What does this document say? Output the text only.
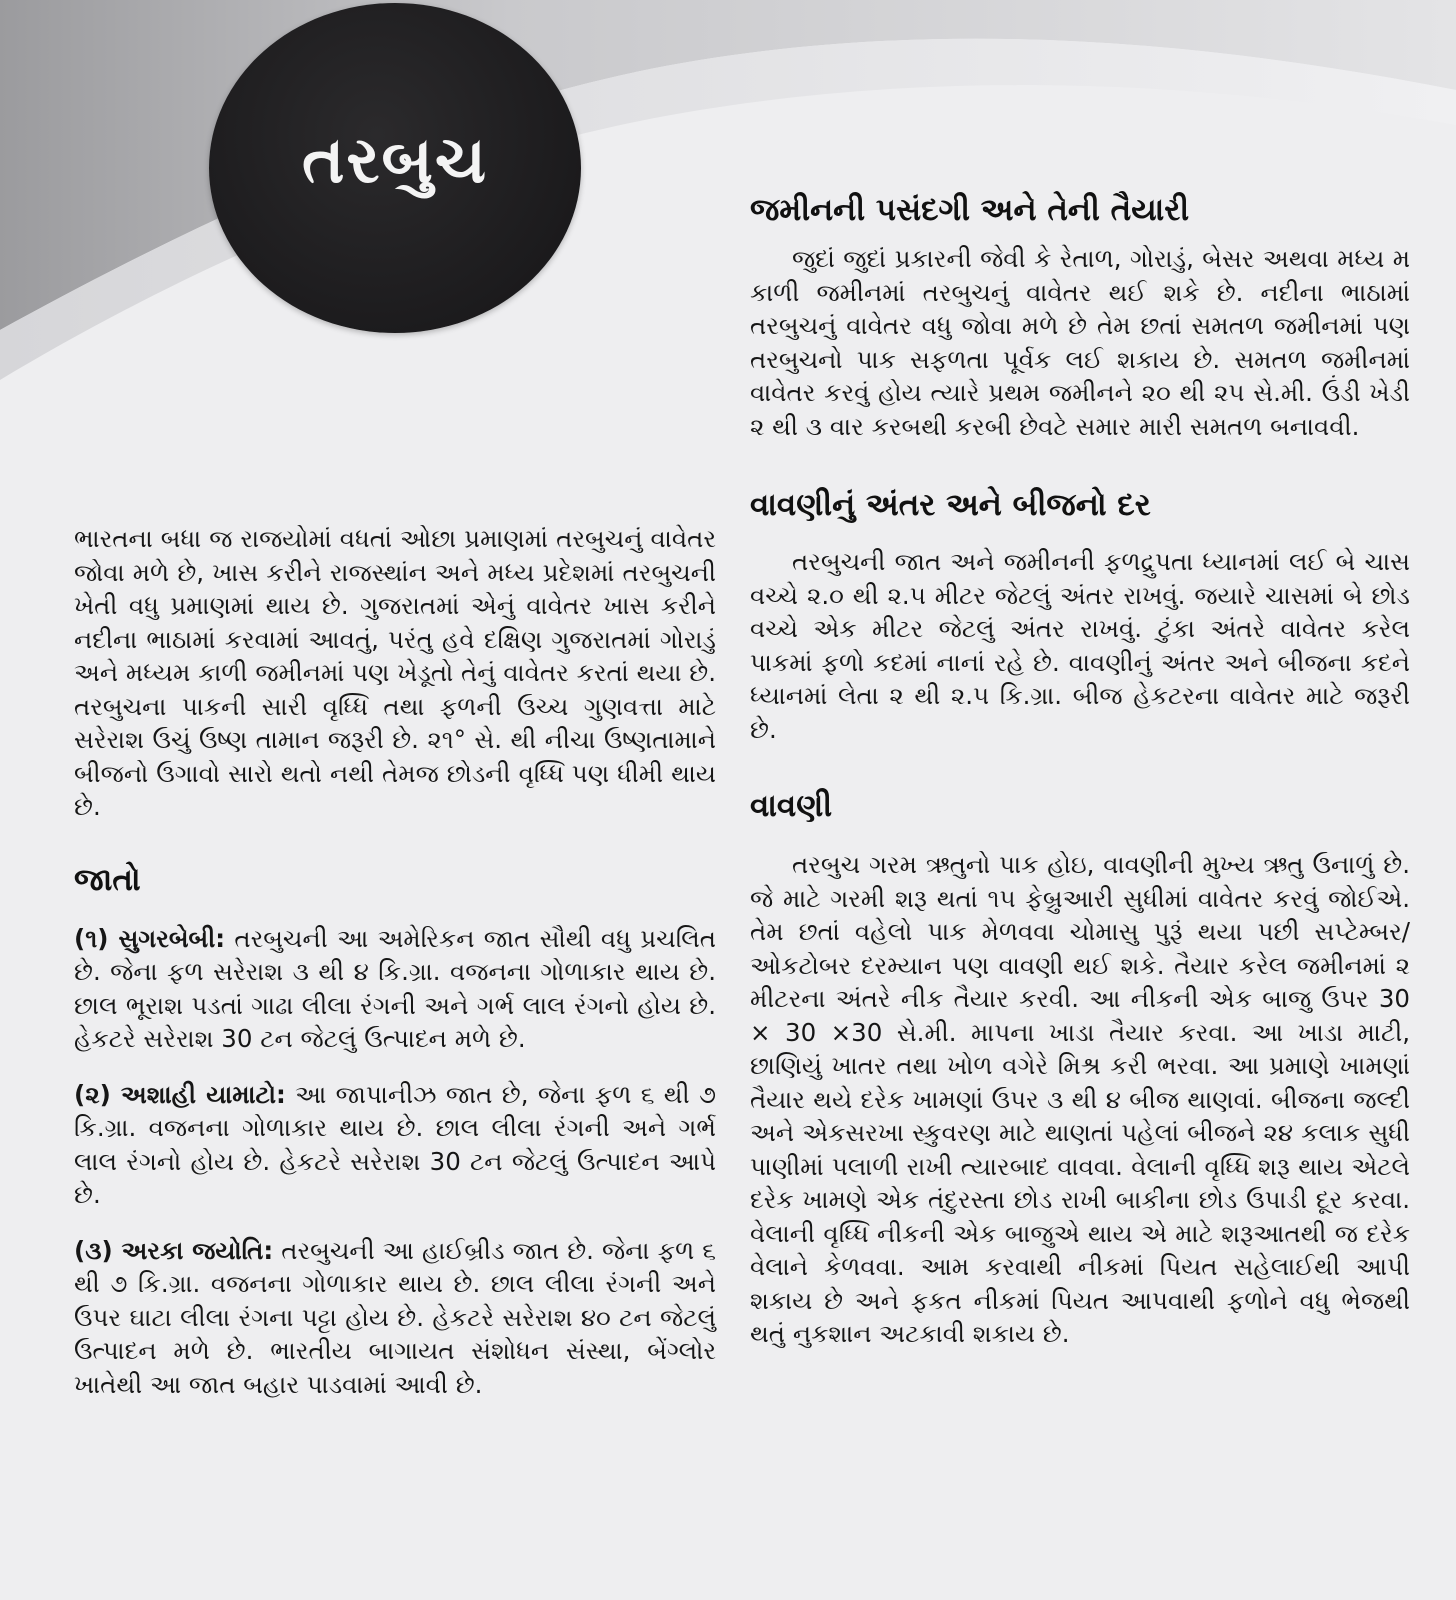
તરબુચ

ભારતના બધા જ રાજયોમાં વધતાં ઓછા પ્રમાણમાં તરબુચનું વાવેતર જોવા મળે છે, ખાસ કરીને રાજસ્થાંન અને મધ્ય પ્રદેશમાં તરબુચની ખેતી વધુ પ્રમાણમાં થાય છે. ગુજરાતમાં એનું વાવેતર ખાસ કરીને નદીના ભાઠામાં કરવામાં આવતું, પરંતુ હવે દક્ષિણ ગુજરાતમાં ગોરાડું અને મધ્યમ કાળી જમીનમાં પણ ખેડૂતો તેનું વાવેતર કરતાં થયા છે. તરબુચના પાકની સારી વૃધ્ધિ તથા ફળની ઉચ્ચ ગુણવત્તા માટે સરેરાશ ઉચું ઉષ્ણ તામાન જરૂરી છે. ૨૧° સે. થી નીચા ઉષ્ણતામાને બીજનો ઉગાવો સારો થતો નથી તેમજ છોડની વૃધ્ધિ પણ ધીમી થાય છે.

જાતો

(૧) સુગરબેબી: તરબુચની આ અમેરિકન જાત સૌથી વધુ પ્રચલિત છે. જેના ફળ સરેરાશ ૩ થી ૪ કિ.ગ્રા. વજનના ગોળાકાર થાય છે. છાલ ભૂરાશ પડતાં ગાઢા લીલા રંગની અને ગર્ભ લાલ રંગનો હોય છે. હેકટરે સરેરાશ 30 ટન જેટલું ઉત્પાદન મળે છે.

(૨) અશાહી યામાટો: આ જાપાનીઝ જાત છે, જેના ફળ ૬ થી ૭ કિ.ગ્રા. વજનના ગોળાકાર થાય છે. છાલ લીલા રંગની અને ગર્ભ લાલ રંગનો હોય છે. હેકટરે સરેરાશ 30 ટન જેટલું ઉત્પાદન આપે છે.

(૩) અરકા જયોતિ: તરબુચની આ હાઈબ્રીડ જાત છે. જેના ફળ ૬ થી ૭ કિ.ગ્રા. વજનના ગોળાકાર થાય છે. છાલ લીલા રંગની અને ઉપર ઘાટા લીલા રંગના પટ્ટા હોય છે. હેકટરે સરેરાશ ૪૦ ટન જેટલું ઉત્પાદન મળે છે. ભારતીય બાગાયત સંશોધન સંસ્થા, બેંગ્લોર ખાતેથી આ જાત બહાર પાડવામાં આવી છે.

જમીનની પસંદગી અને તેની તૈયારી

જુદાં જુદાં પ્રકારની જેવી કે રેતાળ, ગોરાડું, બેસર અથવા મધ્ય મ કાળી જમીનમાં તરબુચનું વાવેતર થઈ શકે છે. નદીના ભાઠામાં તરબુચનું વાવેતર વધુ જોવા મળે છે તેમ છતાં સમતળ જમીનમાં પણ તરબુચનો પાક સફળતા પૂર્વક લઈ શકાય છે. સમતળ જમીનમાં વાવેતર કરવું હોય ત્યારે પ્રથમ જમીનને ૨૦ થી ૨૫ સે.મી. ઉંડી ખેડી ૨ થી ૩ વાર કરબથી કરબી છેવટે સમાર મારી સમતળ બનાવવી.

વાવણીનું અંતર અને બીજનો દર

તરબુચની જાત અને જમીનની ફળદ્રુપતા ધ્યાનમાં લઈ બે ચાસ વચ્ચે ૨.૦ થી ૨.૫ મીટર જેટલું અંતર રાખવું. જયારે ચાસમાં બે છોડ વચ્ચે એક મીટર જેટલું અંતર રાખવું. ટુંકા અંતરે વાવેતર કરેલ પાકમાં ફળો કદમાં નાનાં રહે છે. વાવણીનું અંતર અને બીજના કદને ધ્યાનમાં લેતા ૨ થી ૨.૫ કિ.ગ્રા. બીજ હેકટરના વાવેતર માટે જરૂરી છે.

વાવણી

તરબુચ ગરમ ઋતુનો પાક હોઇ, વાવણીની મુખ્ય ઋતુ ઉનાળું છે. જે માટે ગરમી શરૂ થતાં ૧૫ ફેબ્રુઆરી સુધીમાં વાવેતર કરવું જોઈએ. તેમ છતાં વહેલો પાક મેળવવા ચોમાસુ પુરૂં થયા પછી સપ્ટેમ્બર/ઓકટોબર દરમ્યાન પણ વાવણી થઈ શકે. તૈયાર કરેલ જમીનમાં ૨ મીટરના અંતરે નીક તૈયાર કરવી. આ નીકની એક બાજુ ઉપર 30 × 30 ×30 સે.મી. માપના ખાડા તૈયાર કરવા. આ ખાડા માટી, છાણિયું ખાતર તથા ખોળ વગેરે મિશ્ર કરી ભરવા. આ પ્રમાણે ખામણાં તૈયાર થયે દરેક ખામણાં ઉપર ૩ થી ૪ બીજ થાણવાં. બીજના જલ્દી અને એકસરખા સ્કુવરણ માટે થાણતાં પહેલાં બીજને ૨૪ કલાક સુધી પાણીમાં પલાળી રાખી ત્યારબાદ વાવવા. વેલાની વૃધ્ધિ શરૂ થાય એટલે દરેક ખામણે એક તંદુરસ્તા છોડ રાખી બાકીના છોડ ઉપાડી દૂર કરવા. વેલાની વૃધ્ધિ નીકની એક બાજુએ થાય એ માટે શરૂઆતથી જ દરેક વેલાને કેળવવા. આમ કરવાથી નીકમાં પિયત સહેલાઈથી આપી શકાય છે અને ફકત નીકમાં પિયત આપવાથી ફળોને વધુ ભેજથી થતું નુકશાન અટકાવી શકાય છે.
